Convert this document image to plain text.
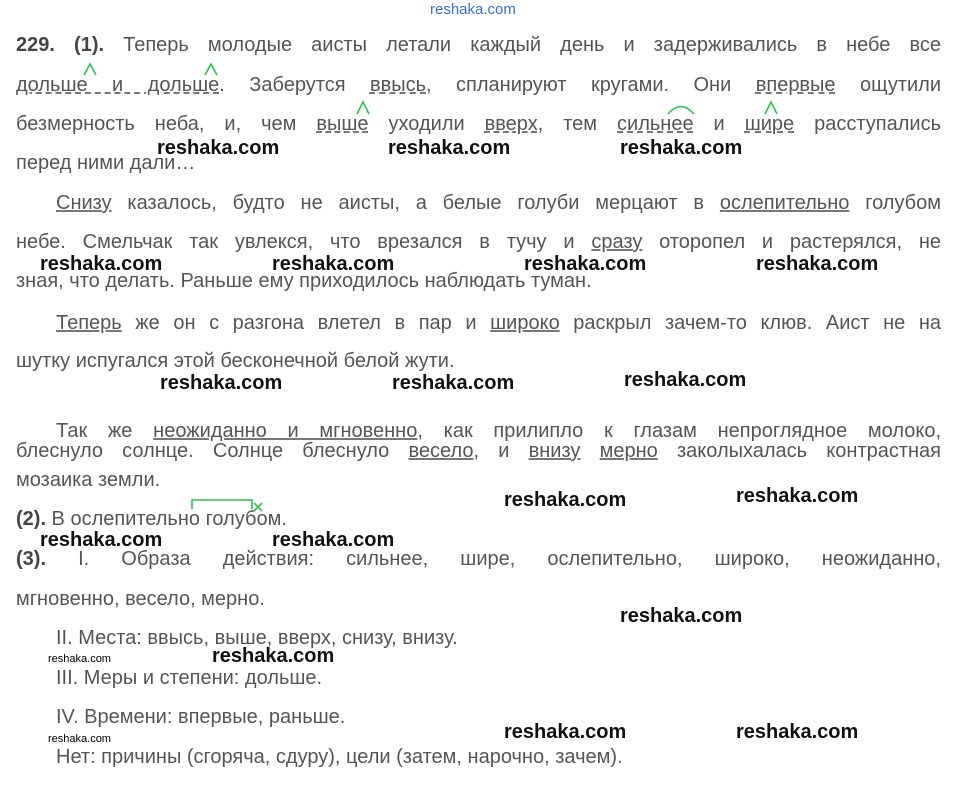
reshaka.com
229. (1). Теперь молодые аисты летали каждый день и задерживались в небе все
дольше и дольше. Заберутся ввысь, спланируют кругами. Они впервые ощутили
безмерность неба, и, чем выше уходили вверх, тем сильнее и шире расступались
перед ними дали…
Снизу казалось, будто не аисты, а белые голуби мерцают в ослепительно голубом
небе. Смельчак так увлекся, что врезался в тучу и сразу оторопел и растерялся, не
зная, что делать. Раньше ему приходилось наблюдать туман.
Теперь же он с разгона влетел в пар и широко раскрыл зачем-то клюв. Аист не на
шутку испугался этой бесконечной белой жути.
Так же неожиданно и мгновенно, как прилипло к глазам непроглядное молоко,
блеснуло солнце. Солнце блеснуло весело, и внизу мерно заколыхалась контрастная
мозаика земли.
(2). В ослепительно голубом.
(3). I. Образа действия: сильнее, шире, ослепительно, широко, неожиданно,
мгновенно, весело, мерно.
II. Места: ввысь, выше, вверх, снизу, внизу.
III. Меры и степени: дольше.
IV. Времени: впервые, раньше.
Нет: причины (сгоряча, сдуру), цели (затем, нарочно, зачем).
reshaka.com	reshaka.com	reshaka.com
reshaka.com	reshaka.com	reshaka.com	reshaka.com
reshaka.com	reshaka.com	reshaka.com
reshaka.com	reshaka.com
reshaka.com	reshaka.com
reshaka.com
reshaka.com
reshaka.com	reshaka.com
reshaka.com
reshaka.com
